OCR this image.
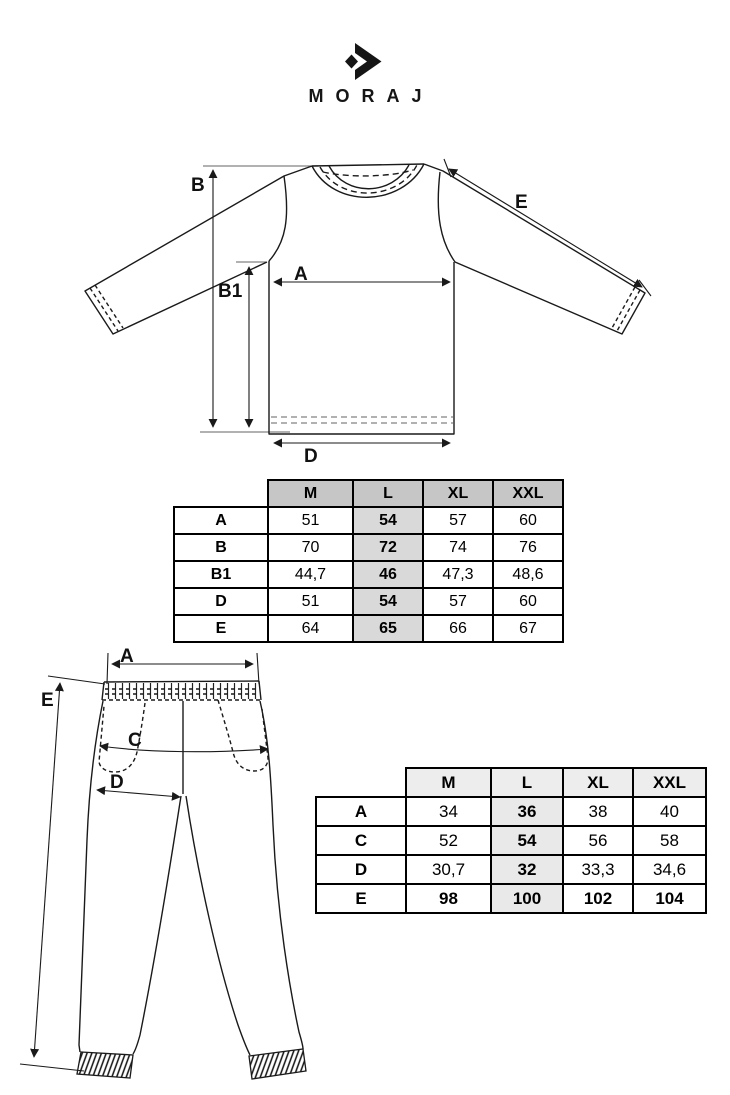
MORAJ
B
B1
A
E
D
A
E
C
D
	M	L	XL	XXL
A	51	54	57	60
B	70	72	74	76
B1	44,7	46	47,3	48,6
D	51	54	57	60
E	64	65	66	67
	M	L	XL	XXL
A	34	36	38	40
C	52	54	56	58
D	30,7	32	33,3	34,6
E	98	100	102	104
